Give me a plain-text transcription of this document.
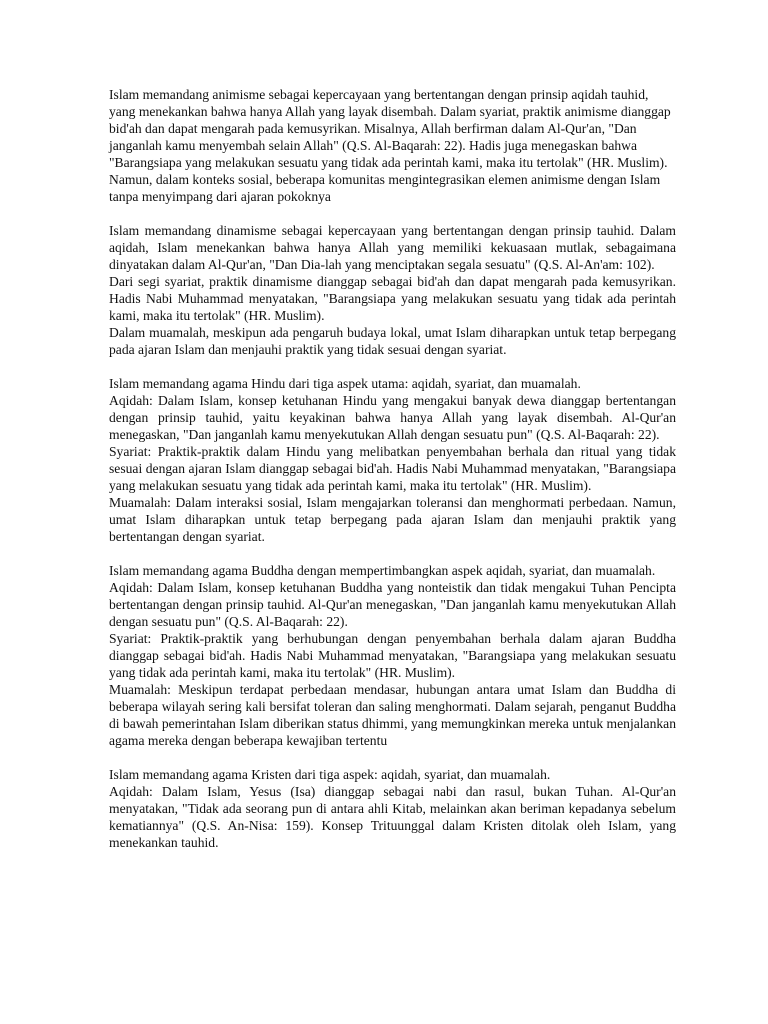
Islam memandang animisme sebagai kepercayaan yang bertentangan dengan prinsip aqidah tauhid, yang menekankan bahwa hanya Allah yang layak disembah. Dalam syariat, praktik animisme dianggap bid'ah dan dapat mengarah pada kemusyrikan. Misalnya, Allah berfirman dalam Al-Qur'an, "Dan janganlah kamu menyembah selain Allah" (Q.S. Al-Baqarah: 22). Hadis juga menegaskan bahwa "Barangsiapa yang melakukan sesuatu yang tidak ada perintah kami, maka itu tertolak" (HR. Muslim). Namun, dalam konteks sosial, beberapa komunitas mengintegrasikan elemen animisme dengan Islam tanpa menyimpang dari ajaran pokoknya

Islam memandang dinamisme sebagai kepercayaan yang bertentangan dengan prinsip tauhid. Dalam aqidah, Islam menekankan bahwa hanya Allah yang memiliki kekuasaan mutlak, sebagaimana dinyatakan dalam Al-Qur'an, "Dan Dia-lah yang menciptakan segala sesuatu" (Q.S. Al-An'am: 102).

Dari segi syariat, praktik dinamisme dianggap sebagai bid'ah dan dapat mengarah pada kemusyrikan. Hadis Nabi Muhammad menyatakan, "Barangsiapa yang melakukan sesuatu yang tidak ada perintah kami, maka itu tertolak" (HR. Muslim).

Dalam muamalah, meskipun ada pengaruh budaya lokal, umat Islam diharapkan untuk tetap berpegang pada ajaran Islam dan menjauhi praktik yang tidak sesuai dengan syariat.

Islam memandang agama Hindu dari tiga aspek utama: aqidah, syariat, dan muamalah.

Aqidah: Dalam Islam, konsep ketuhanan Hindu yang mengakui banyak dewa dianggap bertentangan dengan prinsip tauhid, yaitu keyakinan bahwa hanya Allah yang layak disembah. Al-Qur'an menegaskan, "Dan janganlah kamu menyekutukan Allah dengan sesuatu pun" (Q.S. Al-Baqarah: 22).

Syariat: Praktik-praktik dalam Hindu yang melibatkan penyembahan berhala dan ritual yang tidak sesuai dengan ajaran Islam dianggap sebagai bid'ah. Hadis Nabi Muhammad menyatakan, "Barangsiapa yang melakukan sesuatu yang tidak ada perintah kami, maka itu tertolak" (HR. Muslim).

Muamalah: Dalam interaksi sosial, Islam mengajarkan toleransi dan menghormati perbedaan. Namun, umat Islam diharapkan untuk tetap berpegang pada ajaran Islam dan menjauhi praktik yang bertentangan dengan syariat.

Islam memandang agama Buddha dengan mempertimbangkan aspek aqidah, syariat, dan muamalah.

Aqidah: Dalam Islam, konsep ketuhanan Buddha yang nonteistik dan tidak mengakui Tuhan Pencipta bertentangan dengan prinsip tauhid. Al-Qur'an menegaskan, "Dan janganlah kamu menyekutukan Allah dengan sesuatu pun" (Q.S. Al-Baqarah: 22).

Syariat: Praktik-praktik yang berhubungan dengan penyembahan berhala dalam ajaran Buddha dianggap sebagai bid'ah. Hadis Nabi Muhammad menyatakan, "Barangsiapa yang melakukan sesuatu yang tidak ada perintah kami, maka itu tertolak" (HR. Muslim).

Muamalah: Meskipun terdapat perbedaan mendasar, hubungan antara umat Islam dan Buddha di beberapa wilayah sering kali bersifat toleran dan saling menghormati. Dalam sejarah, penganut Buddha di bawah pemerintahan Islam diberikan status dhimmi, yang memungkinkan mereka untuk menjalankan agama mereka dengan beberapa kewajiban tertentu

Islam memandang agama Kristen dari tiga aspek: aqidah, syariat, dan muamalah.

Aqidah: Dalam Islam, Yesus (Isa) dianggap sebagai nabi dan rasul, bukan Tuhan. Al-Qur'an menyatakan, "Tidak ada seorang pun di antara ahli Kitab, melainkan akan beriman kepadanya sebelum kematiannya" (Q.S. An-Nisa: 159). Konsep Trituunggal dalam Kristen ditolak oleh Islam, yang menekankan tauhid.
